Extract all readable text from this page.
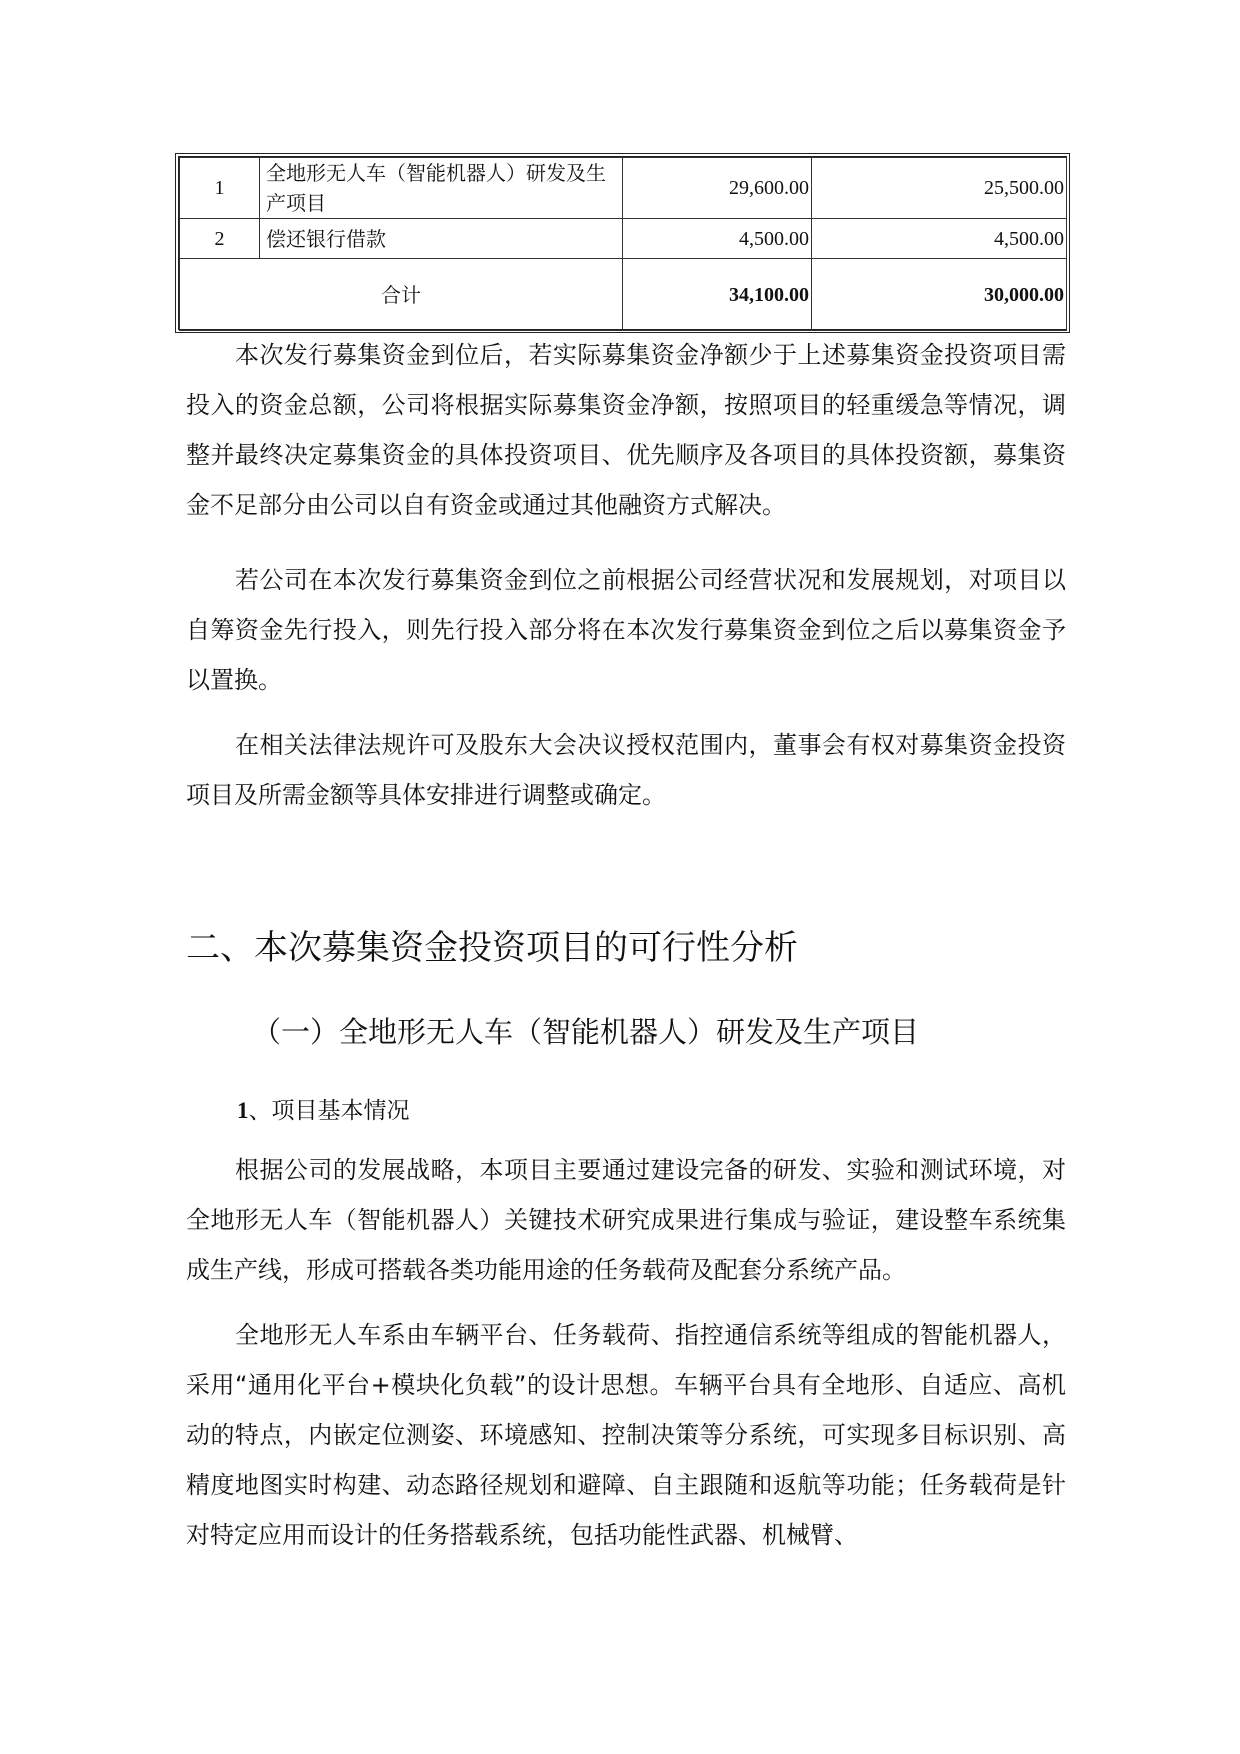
1	全地形无人车（智能机器人）研发及生产项目	29,600.00	25,500.00
2	偿还银行借款	4,500.00	4,500.00
合计		34,100.00	30,000.00

本次发行募集资金到位后，若实际募集资金净额少于上述募集资金投资项目需投入的资金总额，公司将根据实际募集资金净额，按照项目的轻重缓急等情况，调整并最终决定募集资金的具体投资项目、优先顺序及各项目的具体投资额，募集资金不足部分由公司以自有资金或通过其他融资方式解决。

若公司在本次发行募集资金到位之前根据公司经营状况和发展规划，对项目以自筹资金先行投入，则先行投入部分将在本次发行募集资金到位之后以募集资金予以置换。

在相关法律法规许可及股东大会决议授权范围内，董事会有权对募集资金投资项目及所需金额等具体安排进行调整或确定。

二、本次募集资金投资项目的可行性分析
（一）全地形无人车（智能机器人）研发及生产项目
1、项目基本情况

根据公司的发展战略，本项目主要通过建设完备的研发、实验和测试环境，对全地形无人车（智能机器人）关键技术研究成果进行集成与验证，建设整车系统集成生产线，形成可搭载各类功能用途的任务载荷及配套分系统产品。

全地形无人车系由车辆平台、任务载荷、指控通信系统等组成的智能机器人，采用“通用化平台+模块化负载”的设计思想。车辆平台具有全地形、自适应、高机动的特点，内嵌定位测姿、环境感知、控制决策等分系统，可实现多目标识别、高精度地图实时构建、动态路径规划和避障、自主跟随和返航等功能；任务载荷是针对特定应用而设计的任务搭载系统，包括功能性武器、机械臂、
